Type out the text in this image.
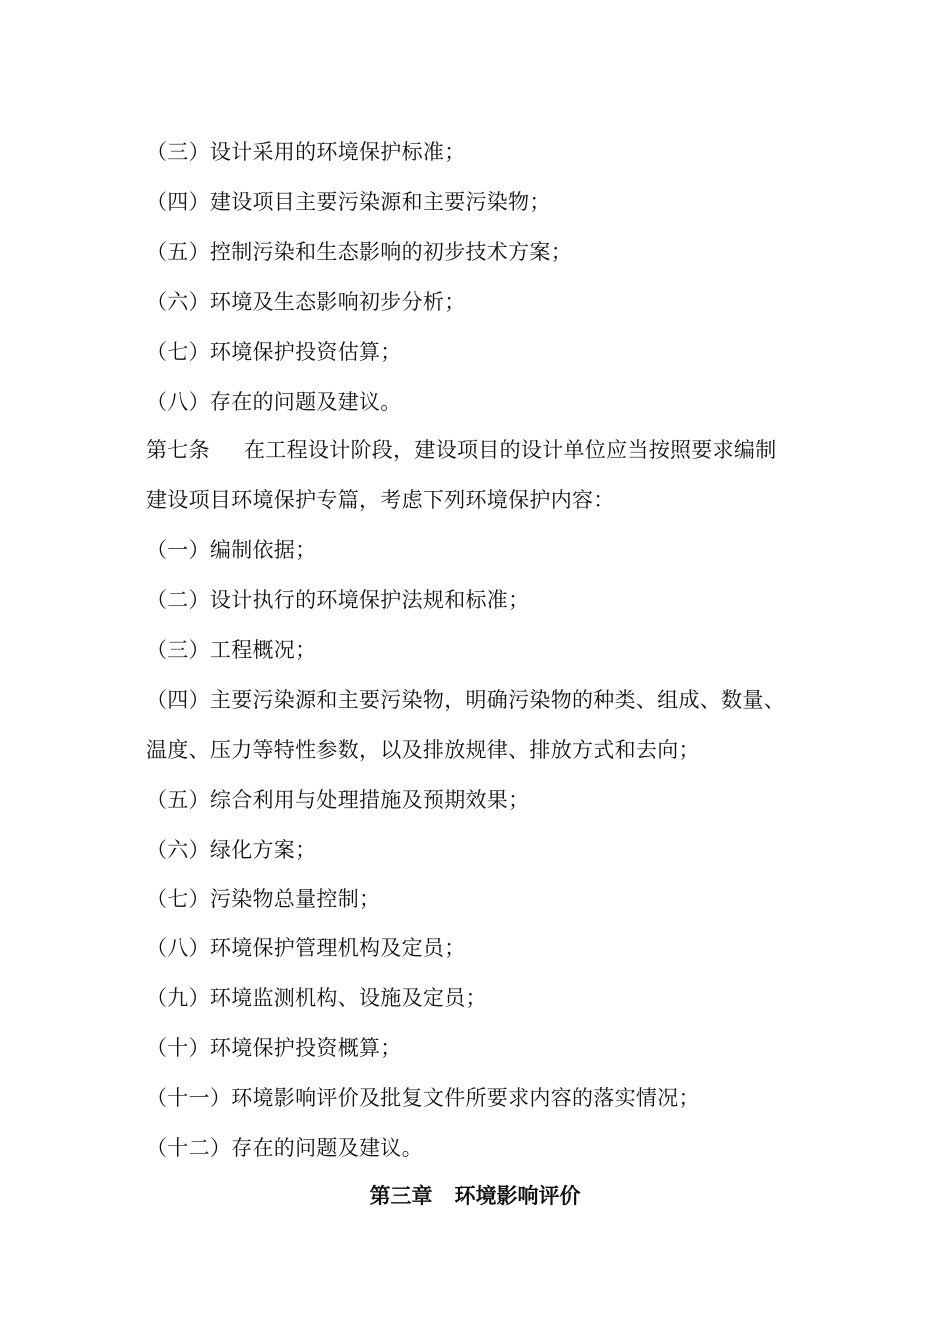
（三）设计采用的环境保护标准；
（四）建设项目主要污染源和主要污染物；
（五）控制污染和生态影响的初步技术方案；
（六）环境及生态影响初步分析；
（七）环境保护投资估算；
（八）存在的问题及建议。
第七条 在工程设计阶段，建设项目的设计单位应当按照要求编制
建设项目环境保护专篇，考虑下列环境保护内容：
（一）编制依据；
（二）设计执行的环境保护法规和标准；
（三）工程概况；
（四）主要污染源和主要污染物，明确污染物的种类、组成、数量、
温度、压力等特性参数，以及排放规律、排放方式和去向；
（五）综合利用与处理措施及预期效果；
（六）绿化方案；
（七）污染物总量控制；
（八）环境保护管理机构及定员；
（九）环境监测机构、设施及定员；
（十）环境保护投资概算；
（十一）环境影响评价及批复文件所要求内容的落实情况；
（十二）存在的问题及建议。
第三章 环境影响评价
